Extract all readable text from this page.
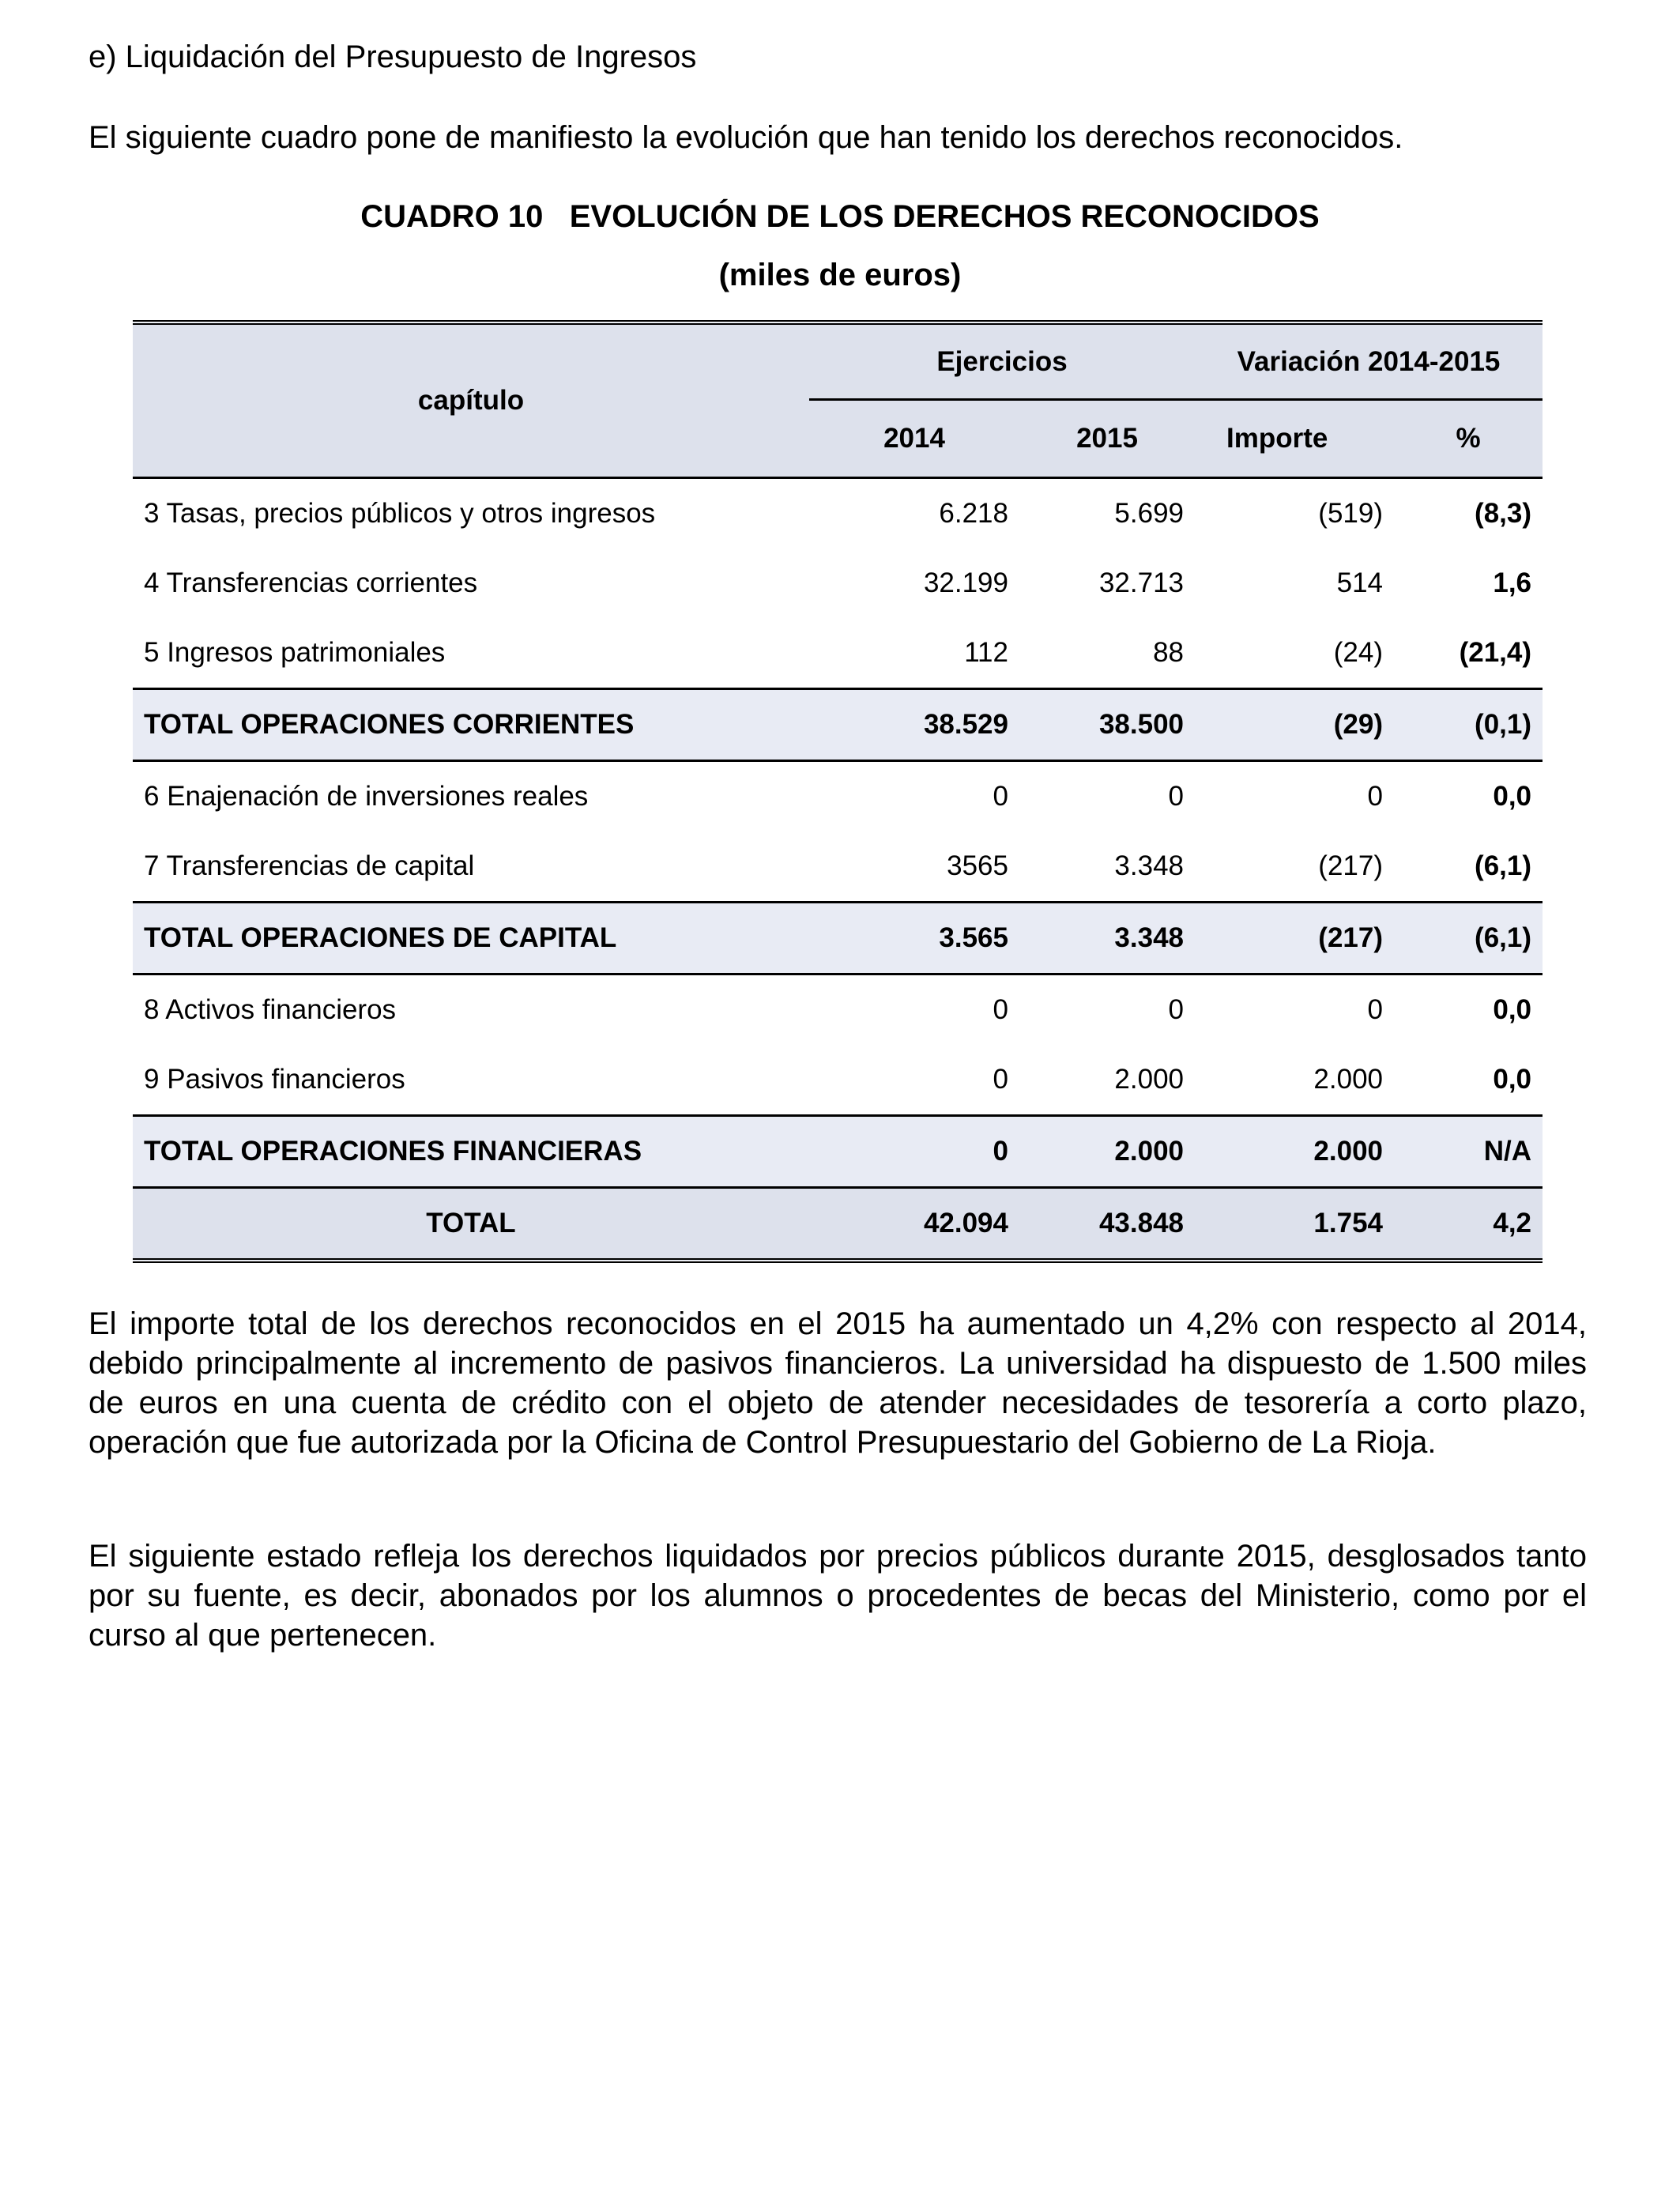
e) Liquidación del Presupuesto de Ingresos

El siguiente cuadro pone de manifiesto la evolución que han tenido los derechos reconocidos.

CUADRO 10   EVOLUCIÓN DE LOS DERECHOS RECONOCIDOS

(miles de euros)

capítulo	Ejercicios		Variación 2014-2015	
	2014	2015	Importe	%
3 Tasas, precios públicos y otros ingresos	6.218	5.699	(519)	(8,3)
4 Transferencias corrientes	32.199	32.713	514	1,6
5 Ingresos patrimoniales	112	88	(24)	(21,4)
TOTAL OPERACIONES CORRIENTES	38.529	38.500	(29)	(0,1)
6 Enajenación de inversiones reales	0	0	0	0,0
7 Transferencias de capital	3565	3.348	(217)	(6,1)
TOTAL OPERACIONES DE CAPITAL	3.565	3.348	(217)	(6,1)
8 Activos financieros	0	0	0	0,0
9 Pasivos financieros	0	2.000	2.000	0,0
TOTAL OPERACIONES FINANCIERAS	0	2.000	2.000	N/A
TOTAL	42.094	43.848	1.754	4,2

El importe total de los derechos reconocidos en el 2015 ha aumentado un 4,2% con respecto al 2014, debido principalmente al incremento de pasivos financieros. La universidad ha dispuesto de 1.500 miles de euros en una cuenta de crédito con el objeto de atender necesidades de tesorería a corto plazo, operación que fue autorizada por la Oficina de Control Presupuestario del Gobierno de La Rioja.

El siguiente estado refleja los derechos liquidados por precios públicos durante 2015, desglosados tanto por su fuente, es decir, abonados por los alumnos o procedentes de becas del Ministerio, como por el curso al que pertenecen.
